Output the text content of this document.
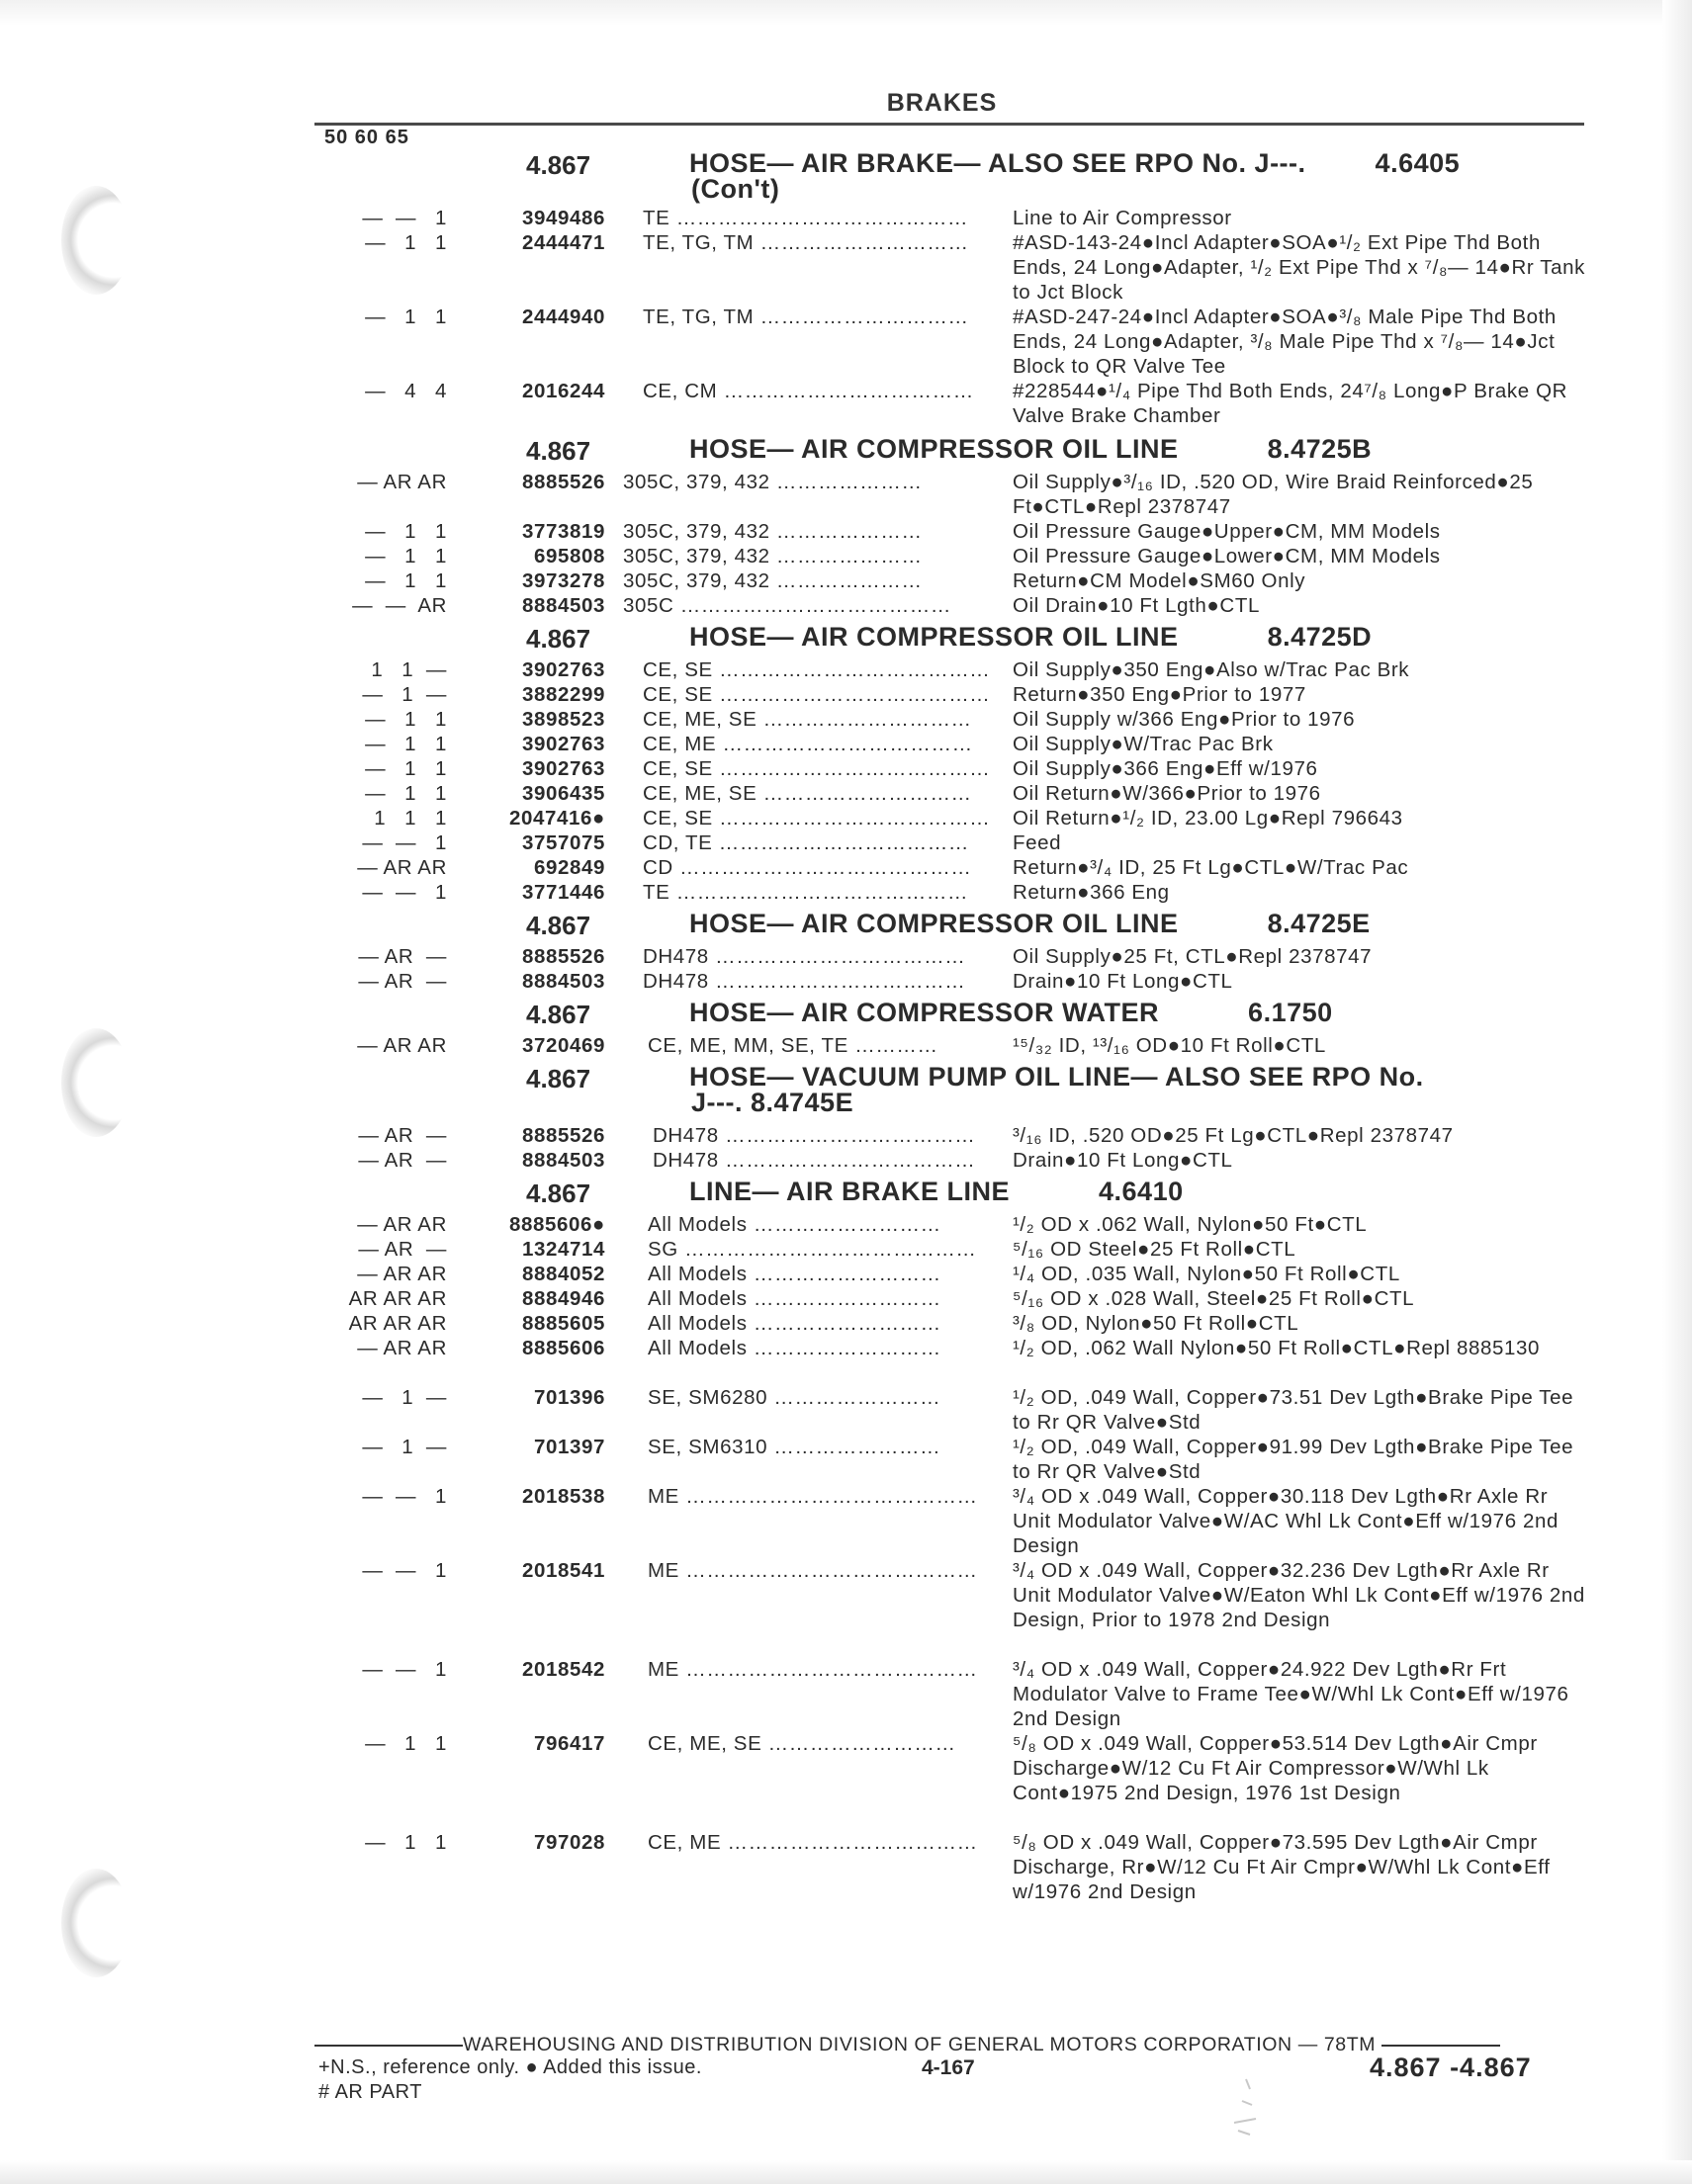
BRAKES
50 60 65
4.867	HOSE— AIR BRAKE— ALSO SEE RPO No. J---.	4.6405
(Con't)
—  —   1	3949486 TE ……………………………………	Line to Air Compressor
—   1   1	2444471 TE, TG, TM …………………………	#ASD-143-24●Incl Adapter●SOA●¹/₂ Ext Pipe Thd Both Ends, 24 Long●Adapter, ¹/₂ Ext Pipe Thd x ⁷/₈— 14●Rr Tank to Jct Block
—   1   1	2444940 TE, TG, TM …………………………	#ASD-247-24●Incl Adapter●SOA●³/₈ Male Pipe Thd Both Ends, 24 Long●Adapter, ³/₈ Male Pipe Thd x ⁷/₈— 14●Jct Block to QR Valve Tee
—   4   4	2016244 CE, CM ………………………………	#228544●¹/₄ Pipe Thd Both Ends, 24⁷/₈ Long●P Brake QR Valve Brake Chamber
4.867	HOSE— AIR COMPRESSOR OIL LINE	8.4725B
— AR AR	8885526 305C, 379, 432 …………………	Oil Supply●³/₁₆ ID, .520 OD, Wire Braid Reinforced●25 Ft●CTL●Repl 2378747
—   1   1	3773819 305C, 379, 432 …………………	Oil Pressure Gauge●Upper●CM, MM Models
—   1   1	695808 305C, 379, 432 …………………	Oil Pressure Gauge●Lower●CM, MM Models
—   1   1	3973278 305C, 379, 432 …………………	Return●CM Model●SM60 Only
—  —  AR	8884503 305C …………………………………	Oil Drain●10 Ft Lgth●CTL
4.867	HOSE— AIR COMPRESSOR OIL LINE	8.4725D
1   1  —	3902763 CE, SE …………………………………	Oil Supply●350 Eng●Also w/Trac Pac Brk
—   1  —	3882299 CE, SE …………………………………	Return●350 Eng●Prior to 1977
—   1   1	3898523 CE, ME, SE …………………………	Oil Supply w/366 Eng●Prior to 1976
—   1   1	3902763 CE, ME ………………………………	Oil Supply●W/Trac Pac Brk
—   1   1	3902763 CE, SE …………………………………	Oil Supply●366 Eng●Eff w/1976
—   1   1	3906435 CE, ME, SE …………………………	Oil Return●W/366●Prior to 1976
1   1   1	2047416● CE, SE …………………………………	Oil Return●¹/₂ ID, 23.00 Lg●Repl 796643
—  —   1	3757075 CD, TE ………………………………	Feed
— AR AR	692849 CD ……………………………………	Return●³/₄ ID, 25 Ft Lg●CTL●W/Trac Pac
—  —   1	3771446 TE ……………………………………	Return●366 Eng
4.867	HOSE— AIR COMPRESSOR OIL LINE	8.4725E
— AR  —	8885526 DH478 ………………………………	Oil Supply●25 Ft, CTL●Repl 2378747
— AR  —	8884503 DH478 ………………………………	Drain●10 Ft Long●CTL
4.867	HOSE— AIR COMPRESSOR WATER	6.1750
— AR AR	3720469 CE, ME, MM, SE, TE …………	¹⁵/₃₂ ID, ¹³/₁₆ OD●10 Ft Roll●CTL
4.867	HOSE— VACUUM PUMP OIL LINE— ALSO SEE RPO No.
J---. 8.4745E
— AR  —	8885526 DH478 ………………………………	³/₁₆ ID, .520 OD●25 Ft Lg●CTL●Repl 2378747
— AR  —	8884503 DH478 ………………………………	Drain●10 Ft Long●CTL
4.867	LINE— AIR BRAKE LINE	4.6410
— AR AR	8885606● All Models ………………………	¹/₂ OD x .062 Wall, Nylon●50 Ft●CTL
— AR  —	1324714 SG ……………………………………	⁵/₁₆ OD Steel●25 Ft Roll●CTL
— AR AR	8884052 All Models ………………………	¹/₄ OD, .035 Wall, Nylon●50 Ft Roll●CTL
AR AR AR	8884946 All Models ………………………	⁵/₁₆ OD x .028 Wall, Steel●25 Ft Roll●CTL
AR AR AR	8885605 All Models ………………………	³/₈ OD, Nylon●50 Ft Roll●CTL
— AR AR	8885606 All Models ………………………	¹/₂ OD, .062 Wall Nylon●50 Ft Roll●CTL●Repl 8885130
—   1  —	701396 SE, SM6280 ……………………	¹/₂ OD, .049 Wall, Copper●73.51 Dev Lgth●Brake Pipe Tee to Rr QR Valve●Std
—   1  —	701397 SE, SM6310 ……………………	¹/₂ OD, .049 Wall, Copper●91.99 Dev Lgth●Brake Pipe Tee to Rr QR Valve●Std
—  —   1	2018538 ME ……………………………………	³/₄ OD x .049 Wall, Copper●30.118 Dev Lgth●Rr Axle Rr Unit Modulator Valve●W/AC Whl Lk Cont●Eff w/1976 2nd Design
—  —   1	2018541 ME ……………………………………	³/₄ OD x .049 Wall, Copper●32.236 Dev Lgth●Rr Axle Rr Unit Modulator Valve●W/Eaton Whl Lk Cont●Eff w/1976 2nd Design, Prior to 1978 2nd Design
—  —   1	2018542 ME ……………………………………	³/₄ OD x .049 Wall, Copper●24.922 Dev Lgth●Rr Frt Modulator Valve to Frame Tee●W/Whl Lk Cont●Eff w/1976 2nd Design
—   1   1	796417 CE, ME, SE ………………………	⁵/₈ OD x .049 Wall, Copper●53.514 Dev Lgth●Air Cmpr Discharge●W/12 Cu Ft Air Compressor●W/Whl Lk Cont●1975 2nd Design, 1976 1st Design
—   1   1	797028 CE, ME ………………………………	⁵/₈ OD x .049 Wall, Copper●73.595 Dev Lgth●Air Cmpr Discharge, Rr●W/12 Cu Ft Air Cmpr●W/Whl Lk Cont●Eff w/1976 2nd Design
WAREHOUSING AND DISTRIBUTION DIVISION OF GENERAL MOTORS CORPORATION — 78TM
+N.S., reference only. ● Added this issue.
# AR PART
4-167	4.867 -4.867
